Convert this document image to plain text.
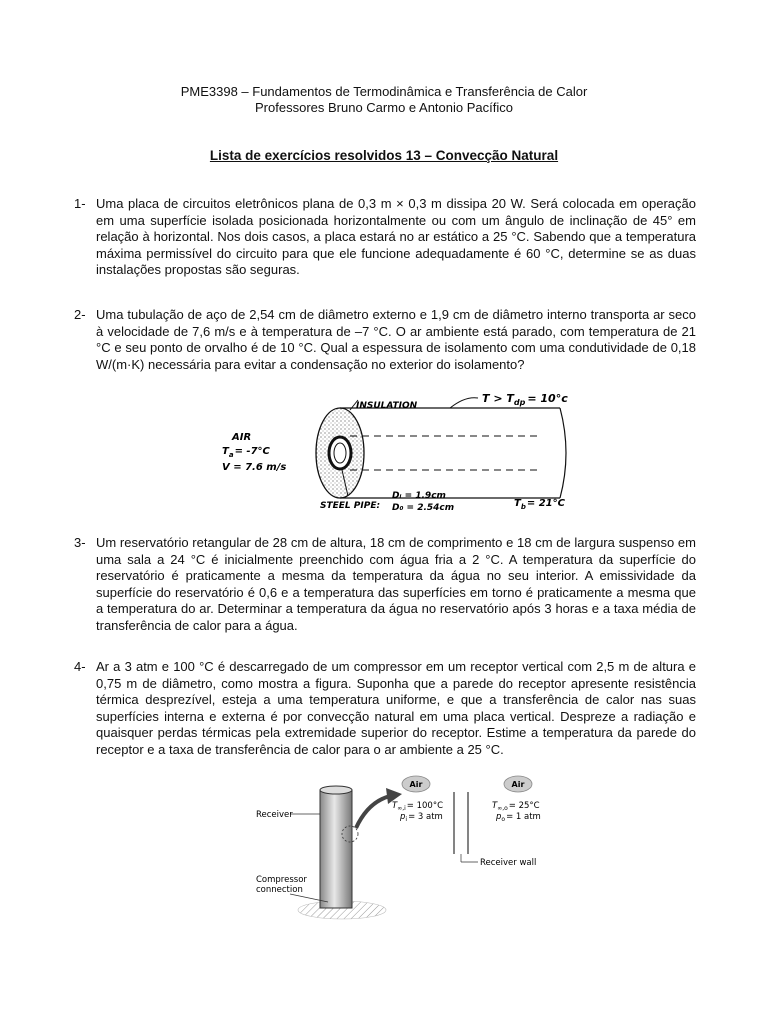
PME3398 – Fundamentos de Termodinâmica e Transferência de Calor
Professores Bruno Carmo e Antonio Pacífico
Lista de exercícios resolvidos 13 – Convecção Natural
1- Uma placa de circuitos eletrônicos plana de 0,3 m × 0,3 m dissipa 20 W. Será colocada em operação em uma superfície isolada posicionada horizontalmente ou com um ângulo de inclinação de 45° em relação à horizontal. Nos dois casos, a placa estará no ar estático a 25 °C. Sabendo que a temperatura máxima permissível do circuito para que ele funcione adequadamente é 60 °C, determine se as duas instalações propostas são seguras.
2- Uma tubulação de aço de 2,54 cm de diâmetro externo e 1,9 cm de diâmetro interno transporta ar seco à velocidade de 7,6 m/s e à temperatura de –7 °C. O ar ambiente está parado, com temperatura de 21 °C e seu ponto de orvalho é de 10 °C. Qual a espessura de isolamento com uma condutividade de 0,18 W/(m·K) necessária para evitar a condensação no exterior do isolamento?
INSULATION
$T > T_{dp} = 10^\circ c$
AIR
$T_a= -7^\circ C$
V = 7.6 m/s
STEEL PIPE:
Dᵢ = 1.9cm
D₀ = 2.54cm	$T_b= 21^\circ C$
3- Um reservatório retangular de 28 cm de altura, 18 cm de comprimento e 18 cm de largura suspenso em uma sala a 24 °C é inicialmente preenchido com água fria a 2 °C. A temperatura da superfície do reservatório é praticamente a mesma da temperatura da água no seu interior. A emissividade da superfície do reservatório é 0,6 e a temperatura das superfícies em torno é praticamente a mesma que a temperatura do ar. Determinar a temperatura da água no reservatório após 3 horas e a taxa média de transferência de calor para a água.
4- Ar a 3 atm e 100 °C é descarregado de um compressor em um receptor vertical com 2,5 m de altura e 0,75 m de diâmetro, como mostra a figura. Suponha que a parede do receptor apresente resistência térmica desprezível, esteja a uma temperatura uniforme, e que a transferência de calor nas suas superfícies interna e externa é por convecção natural em uma placa vertical. Despreze a radiação e quaisquer perdas térmicas pela extremidade superior do receptor. Estime a temperatura da parede do receptor e a taxa de transferência de calor para o ar ambiente a 25 °C.
Air	Air
$T_{\infty,i}= 100^\circ C$
$p_i= 3$ atm
$T_{\infty,o}= 25^\circ C$
$p_o= 1$ atm
Receiver
Compressor
connection
Receiver wall
